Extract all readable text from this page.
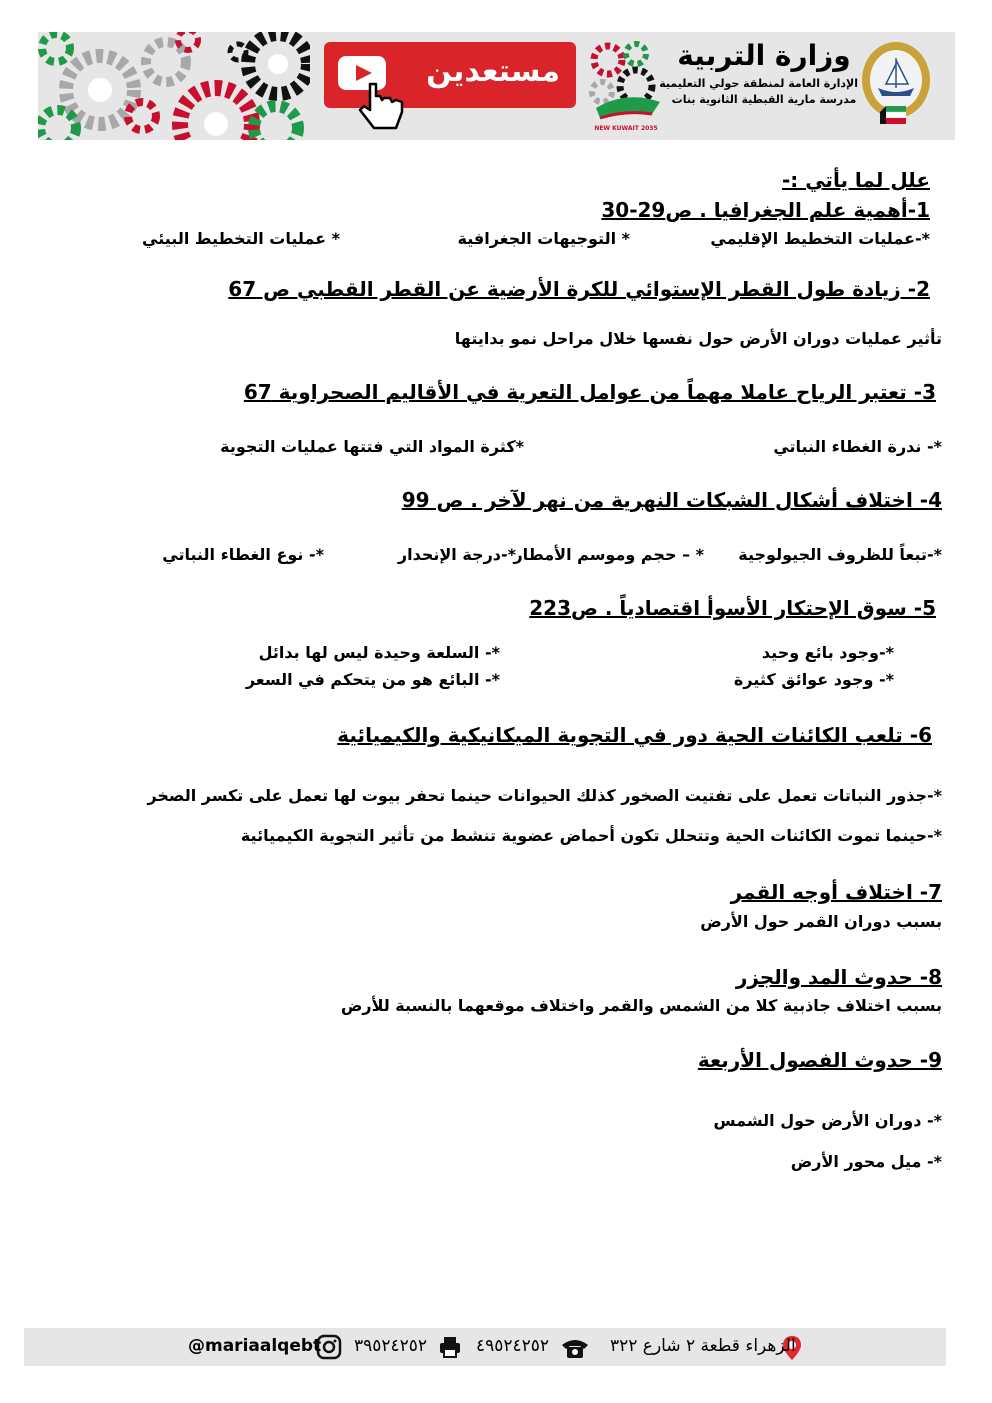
مستعدين
NEW KUWAIT 2035
وزارة التربية
الإدارة العامة لمنطقة حولي التعليمية
مدرسة مارية القبطية الثانوية بنات
علل لما يأتي :-
1-أهمية علم الجغرافيا . ص29-30
*-عمليات التخطيط الإقليمي
* التوجيهات الجغرافية
* عمليات التخطيط البيئي
2- زيادة طول القطر الإستوائي للكرة الأرضية عن القطر القطبي ص 67
تأثير عمليات دوران الأرض حول نفسها خلال مراحل نمو بدايتها
3- تعتبر الرياح عاملا مهماً من عوامل التعرية في الأقاليم الصحراوية 67
*- ندرة الغطاء النباتي
*كثرة المواد التي فتتها عمليات التجوية
4- اختلاف أشكال الشبكات النهرية من نهر لآخر . ص 99
*-تبعاً للظروف الجيولوجية
* – حجم وموسم الأمطار
*-درجة الإنحدار
*- نوع الغطاء النباتي
5- سوق الإحتكار الأسوأ اقتصادياً . ص223
*-وجود بائع وحيد
*- السلعة وحيدة ليس لها بدائل
*- وجود عوائق كثيرة
*- البائع هو من يتحكم في السعر
6- تلعب الكائنات الحية دور في التجوية الميكانيكية والكيميائية
*-جذور النباتات تعمل على تفتيت الصخور كذلك الحيوانات حينما تحفر بيوت لها تعمل على تكسر الصخر
*-حينما تموت الكائنات الحية وتتحلل تكون أحماض عضوية تنشط من تأثير التجوية الكيميائية
7- اختلاف أوجه القمر
بسبب دوران القمر حول الأرض
8- حدوث المد والجزر
بسبب اختلاف جاذبية كلا من الشمس والقمر واختلاف موقعهما بالنسبة للأرض
9- حدوث الفصول الأربعة
*- دوران الأرض حول الشمس
*- ميل محور الأرض
الزهراء قطعة ٢ شارع ٣٢٢
٤٩٥٢٤٢٥٢
٣٩٥٢٤٢٥٢
@mariaalqebt
